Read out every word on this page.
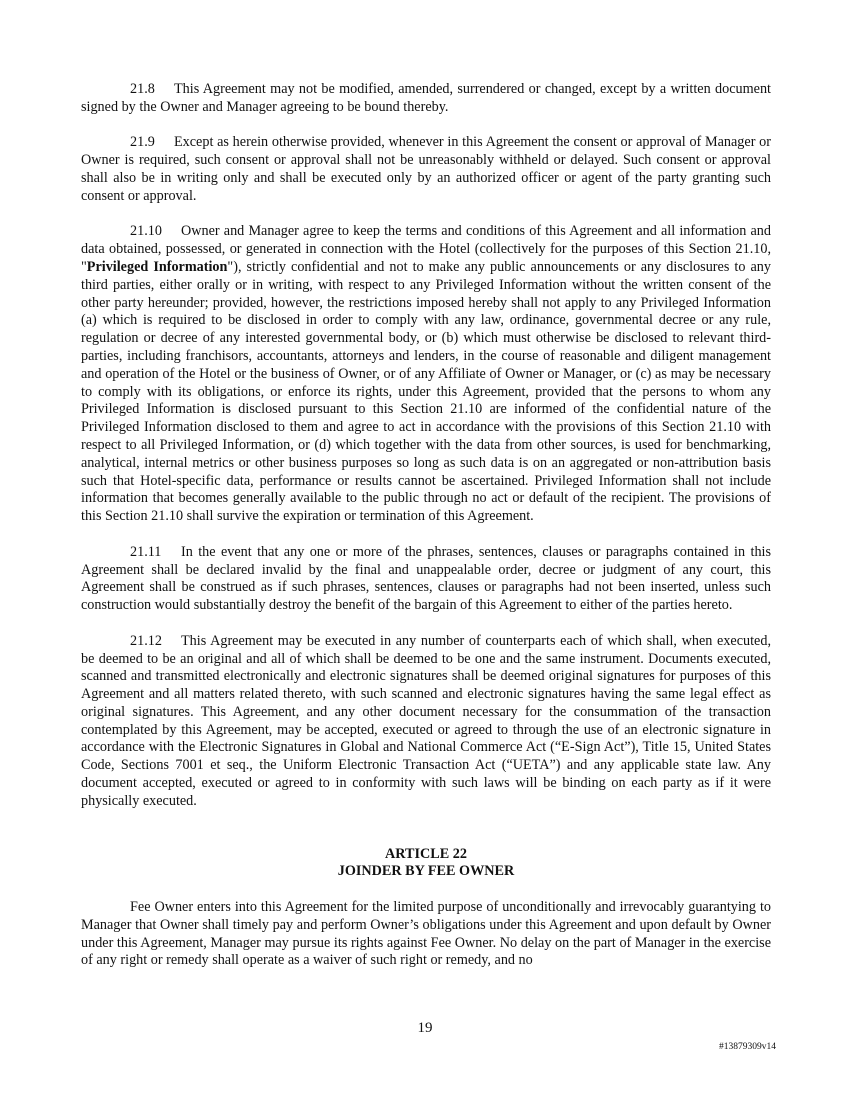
21.8 This Agreement may not be modified, amended, surrendered or changed, except by a written document signed by the Owner and Manager agreeing to be bound thereby.

21.9 Except as herein otherwise provided, whenever in this Agreement the consent or approval of Manager or Owner is required, such consent or approval shall not be unreasonably withheld or delayed. Such consent or approval shall also be in writing only and shall be executed only by an authorized officer or agent of the party granting such consent or approval.

21.10 Owner and Manager agree to keep the terms and conditions of this Agreement and all information and data obtained, possessed, or generated in connection with the Hotel (collectively for the purposes of this Section 21.10, "Privileged Information"), strictly confidential and not to make any public announcements or any disclosures to any third parties, either orally or in writing, with respect to any Privileged Information without the written consent of the other party hereunder; provided, however, the restrictions imposed hereby shall not apply to any Privileged Information (a) which is required to be disclosed in order to comply with any law, ordinance, governmental decree or any rule, regulation or decree of any interested governmental body, or (b) which must otherwise be disclosed to relevant third-parties, including franchisors, accountants, attorneys and lenders, in the course of reasonable and diligent management and operation of the Hotel or the business of Owner, or of any Affiliate of Owner or Manager, or (c) as may be necessary to comply with its obligations, or enforce its rights, under this Agreement, provided that the persons to whom any Privileged Information is disclosed pursuant to this Section 21.10 are informed of the confidential nature of the Privileged Information disclosed to them and agree to act in accordance with the provisions of this Section 21.10 with respect to all Privileged Information, or (d) which together with the data from other sources, is used for benchmarking, analytical, internal metrics or other business purposes so long as such data is on an aggregated or non-attribution basis such that Hotel-specific data, performance or results cannot be ascertained. Privileged Information shall not include information that becomes generally available to the public through no act or default of the recipient. The provisions of this Section 21.10 shall survive the expiration or termination of this Agreement.

21.11 In the event that any one or more of the phrases, sentences, clauses or paragraphs contained in this Agreement shall be declared invalid by the final and unappealable order, decree or judgment of any court, this Agreement shall be construed as if such phrases, sentences, clauses or paragraphs had not been inserted, unless such construction would substantially destroy the benefit of the bargain of this Agreement to either of the parties hereto.

21.12 This Agreement may be executed in any number of counterparts each of which shall, when executed, be deemed to be an original and all of which shall be deemed to be one and the same instrument. Documents executed, scanned and transmitted electronically and electronic signatures shall be deemed original signatures for purposes of this Agreement and all matters related thereto, with such scanned and electronic signatures having the same legal effect as original signatures. This Agreement, and any other document necessary for the consummation of the transaction contemplated by this Agreement, may be accepted, executed or agreed to through the use of an electronic signature in accordance with the Electronic Signatures in Global and National Commerce Act (“E-Sign Act”), Title 15, United States Code, Sections 7001 et seq., the Uniform Electronic Transaction Act (“UETA”) and any applicable state law. Any document accepted, executed or agreed to in conformity with such laws will be binding on each party as if it were physically executed.

ARTICLE 22
JOINDER BY FEE OWNER

Fee Owner enters into this Agreement for the limited purpose of unconditionally and irrevocably guarantying to Manager that Owner shall timely pay and perform Owner’s obligations under this Agreement and upon default by Owner under this Agreement, Manager may pursue its rights against Fee Owner. No delay on the part of Manager in the exercise of any right or remedy shall operate as a waiver of such right or remedy, and no

19
#13879309v14
